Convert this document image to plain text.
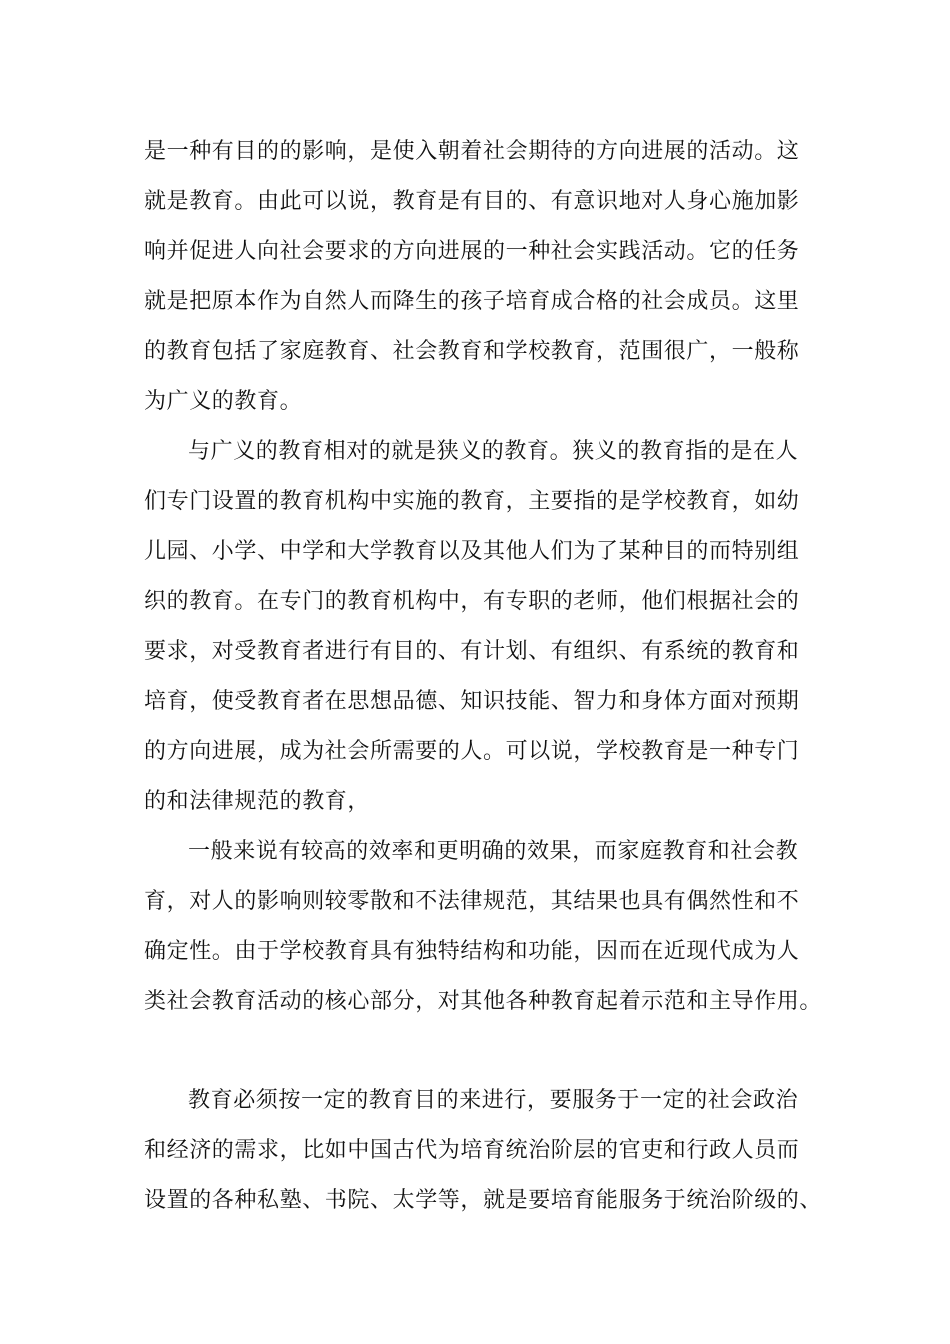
是一种有目的的影响，是使入朝着社会期待的方向进展的活动。这
就是教育。由此可以说，教育是有目的、有意识地对人身心施加影
响并促进人向社会要求的方向进展的一种社会实践活动。它的任务
就是把原本作为自然人而降生的孩子培育成合格的社会成员。这里
的教育包括了家庭教育、社会教育和学校教育，范围很广，一般称
为广义的教育。
与广义的教育相对的就是狭义的教育。狭义的教育指的是在人
们专门设置的教育机构中实施的教育，主要指的是学校教育，如幼
儿园、小学、中学和大学教育以及其他人们为了某种目的而特别组
织的教育。在专门的教育机构中，有专职的老师，他们根据社会的
要求，对受教育者进行有目的、有计划、有组织、有系统的教育和
培育，使受教育者在思想品德、知识技能、智力和身体方面对预期
的方向进展，成为社会所需要的人。可以说，学校教育是一种专门
的和法律规范的教育，
一般来说有较高的效率和更明确的效果，而家庭教育和社会教
育，对人的影响则较零散和不法律规范，其结果也具有偶然性和不
确定性。由于学校教育具有独特结构和功能，因而在近现代成为人
类社会教育活动的核心部分，对其他各种教育起着示范和主导作用。
教育必须按一定的教育目的来进行，要服务于一定的社会政治
和经济的需求，比如中国古代为培育统治阶层的官吏和行政人员而
设置的各种私塾、书院、太学等，就是要培育能服务于统治阶级的、
